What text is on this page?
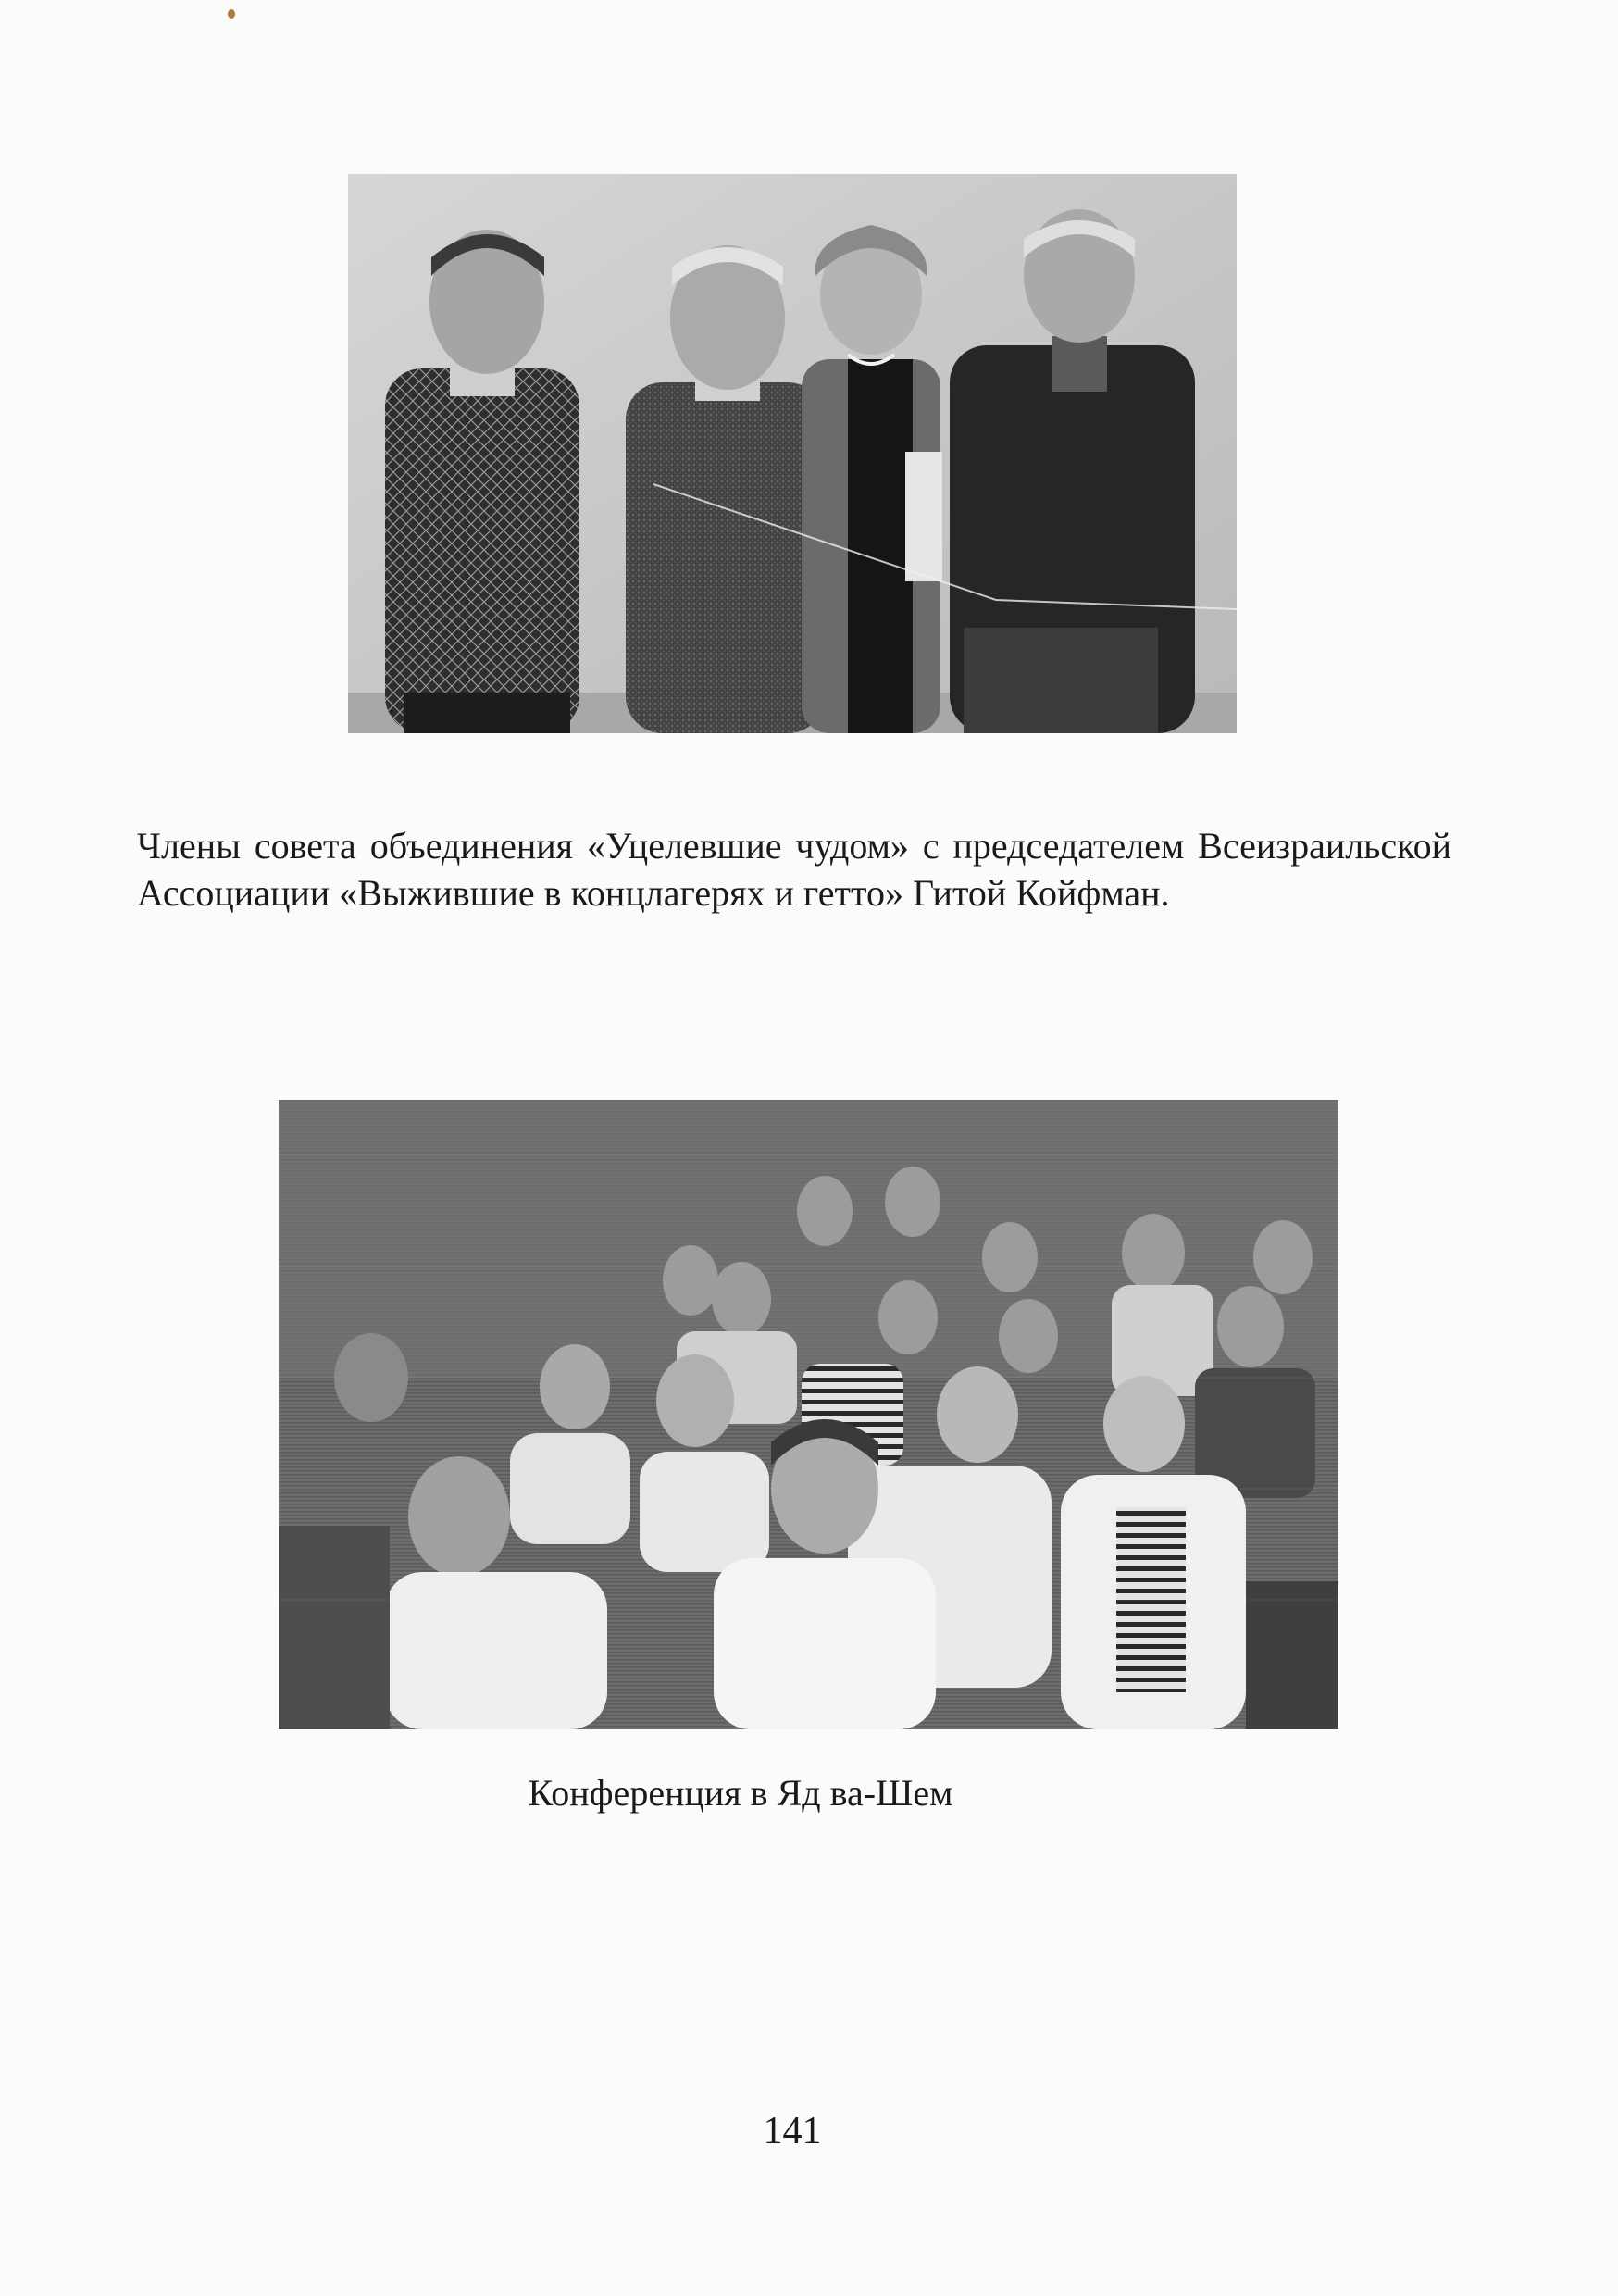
Члены совета объединения «Уцелевшие чудом» с председателем Всеизраильской Ассоциации «Выжившие в концлагерях и гетто» Гитой Койфман.

Конференция в Яд ва-Шем

141
